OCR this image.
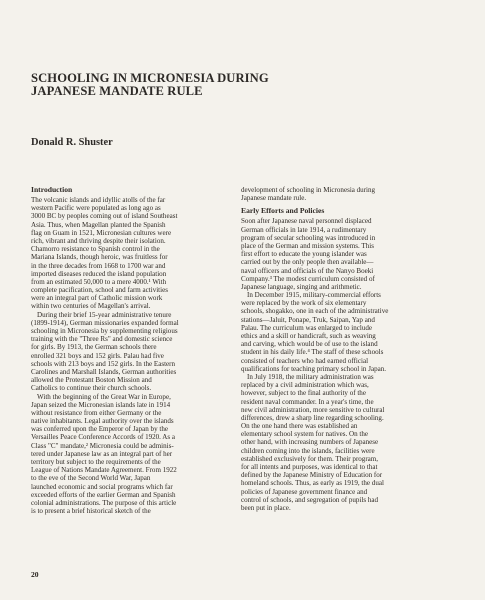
SCHOOLING IN MICRONESIA DURING
JAPANESE MANDATE RULE
Donald R. Shuster
Introduction
The volcanic islands and idyllic atolls of the far
western Pacific were populated as long ago as
3000 BC by peoples coming out of island Southeast
Asia. Thus, when Magellan planted the Spanish
flag on Guam in 1521, Micronesian cultures were
rich, vibrant and thriving despite their isolation.
Chamorro resistance to Spanish control in the
Mariana Islands, though heroic, was fruitless for
in the three decades from 1668 to 1700 war and
imported diseases reduced the island population
from an estimated 50,000 to a mere 4000.¹ With
complete pacification, school and farm activities
were an integral part of Catholic mission work
within two centuries of Magellan's arrival.
During their brief 15-year administrative tenure
(1899-1914), German missionaries expanded formal
schooling in Micronesia by supplementing religious
training with the "Three Rs" and domestic science
for girls. By 1913, the German schools there
enrolled 321 boys and 152 girls. Palau had five
schools with 213 boys and 152 girls. In the Eastern
Carolines and Marshall Islands, German authorities
allowed the Protestant Boston Mission and
Catholics to continue their church schools.
With the beginning of the Great War in Europe,
Japan seized the Micronesian islands late in 1914
without resistance from either Germany or the
native inhabitants. Legal authority over the islands
was conferred upon the Emperor of Japan by the
Versailles Peace Conference Accords of 1920. As a
Class "C" mandate,² Micronesia could be adminis-
tered under Japanese law as an integral part of her
territory but subject to the requirements of the
League of Nations Mandate Agreement. From 1922
to the eve of the Second World War, Japan
launched economic and social programs which far
exceeded efforts of the earlier German and Spanish
colonial administrations. The purpose of this article
is to present a brief historical sketch of the
development of schooling in Micronesia during
Japanese mandate rule.
Early Efforts and Policies
Soon after Japanese naval personnel displaced
German officials in late 1914, a rudimentary
program of secular schooling was introduced in
place of the German and mission systems. This
first effort to educate the young islander was
carried out by the only people then available—
naval officers and officials of the Nanyo Boeki
Company.³ The modest curriculum consisted of
Japanese language, singing and arithmetic.
In December 1915, military-commercial efforts
were replaced by the work of six elementary
schools, shogakko, one in each of the administrative
stations—Jaluit, Ponape, Truk, Saipan, Yap and
Palau. The curriculum was enlarged to include
ethics and a skill or handicraft, such as weaving
and carving, which would be of use to the island
student in his daily life.⁴ The staff of these schools
consisted of teachers who had earned official
qualifications for teaching primary school in Japan.
In July 1918, the military administration was
replaced by a civil administration which was,
however, subject to the final authority of the
resident naval commander. In a year's time, the
new civil administration, more sensitive to cultural
differences, drew a sharp line regarding schooling.
On the one hand there was established an
elementary school system for natives. On the
other hand, with increasing numbers of Japanese
children coming into the islands, facilities were
established exclusively for them. Their program,
for all intents and purposes, was identical to that
defined by the Japanese Ministry of Education for
homeland schools. Thus, as early as 1919, the dual
policies of Japanese government finance and
control of schools, and segregation of pupils had
been put in place.
20
